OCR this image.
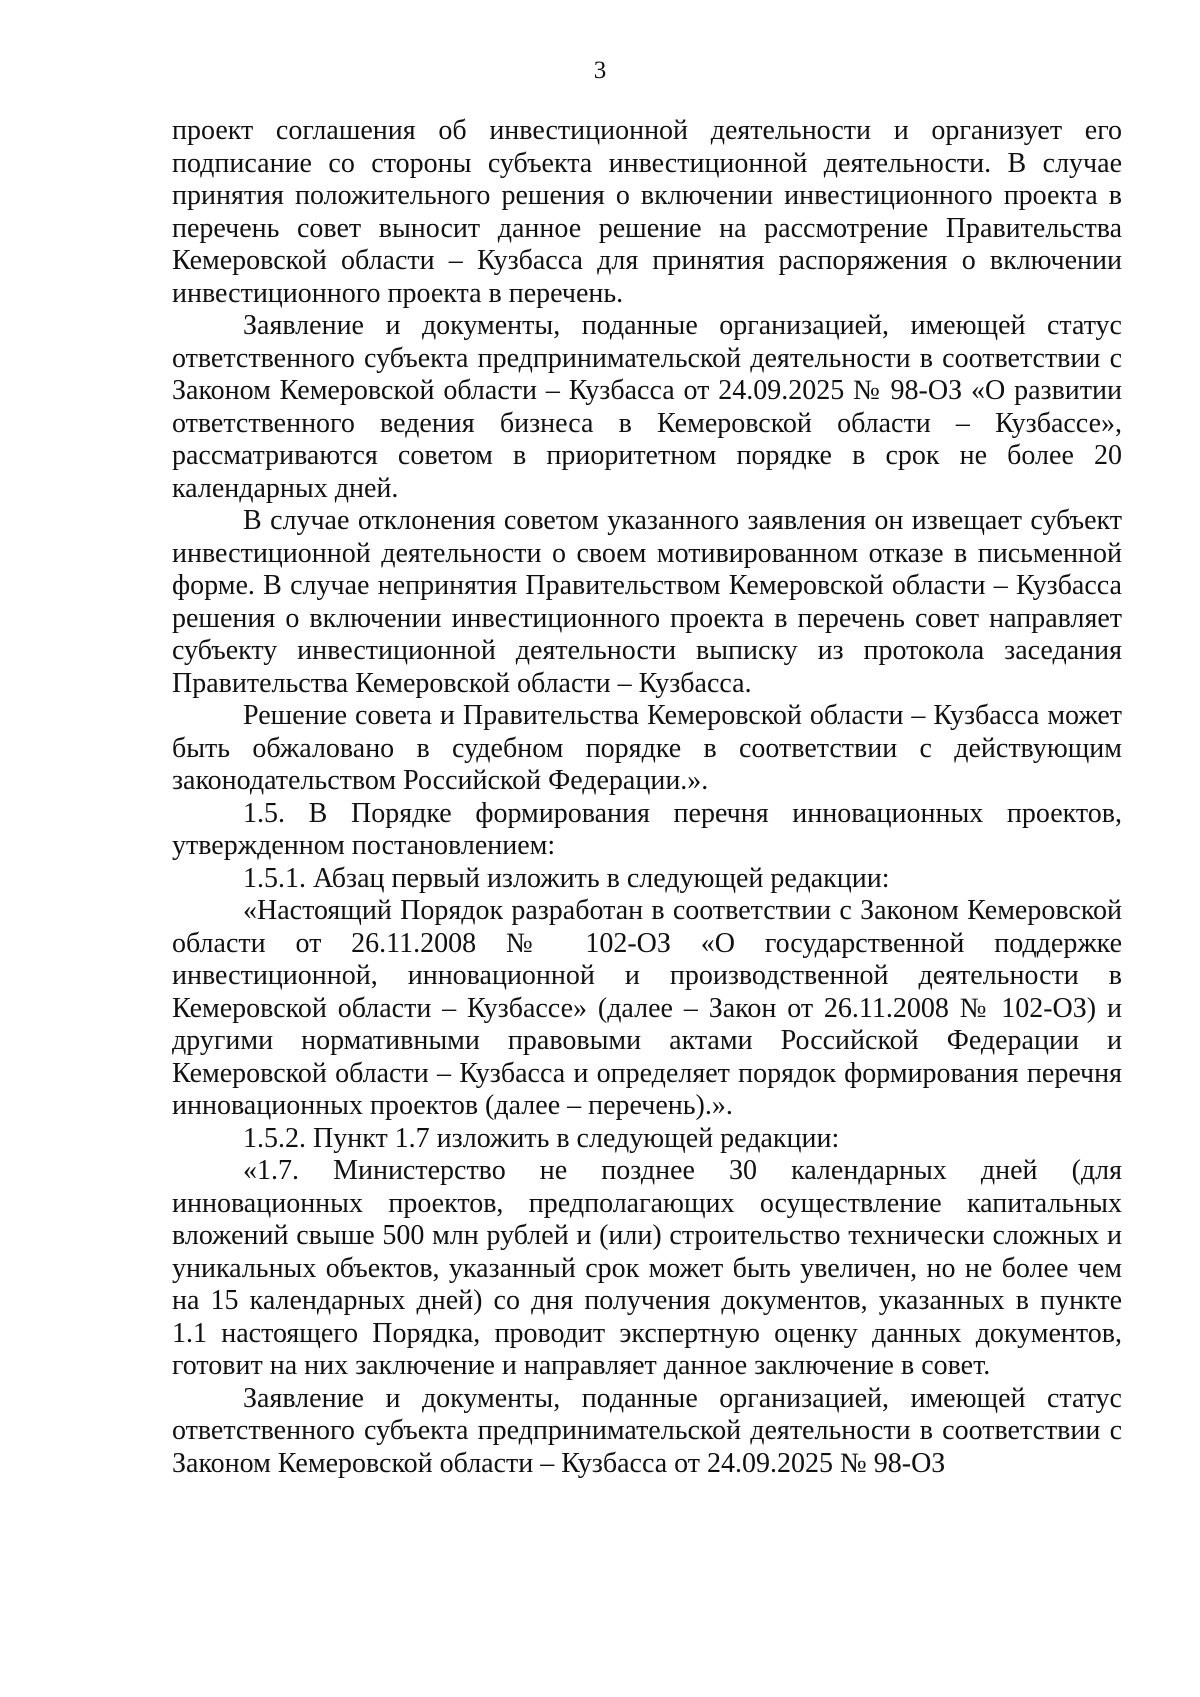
3

проект соглашения об инвестиционной деятельности и организует его подписание со стороны субъекта инвестиционной деятельности. В случае принятия положительного решения о включении инвестиционного проекта в перечень совет выносит данное решение на рассмотрение Правительства Кемеровской области – Кузбасса для принятия распоряжения о включении инвестиционного проекта в перечень.

Заявление и документы, поданные организацией, имеющей статус ответственного субъекта предпринимательской деятельности в соответствии с Законом Кемеровской области – Кузбасса от 24.09.2025 № 98-ОЗ «О развитии ответственного ведения бизнеса в Кемеровской области – Кузбассе», рассматриваются советом в приоритетном порядке в срок не более 20 календарных дней.

В случае отклонения советом указанного заявления он извещает субъект инвестиционной деятельности о своем мотивированном отказе в письменной форме. В случае непринятия Правительством Кемеровской области – Кузбасса решения о включении инвестиционного проекта в перечень совет направляет субъекту инвестиционной деятельности выписку из протокола заседания Правительства Кемеровской области – Кузбасса.

Решение совета и Правительства Кемеровской области – Кузбасса может быть обжаловано в судебном порядке в соответствии с действующим законодательством Российской Федерации.».

1.5. В Порядке формирования перечня инновационных проектов, утвержденном постановлением:

1.5.1. Абзац первый изложить в следующей редакции:

«Настоящий Порядок разработан в соответствии с Законом Кемеровской области от 26.11.2008 № 102-ОЗ «О государственной поддержке инвестиционной, инновационной и производственной деятельности в Кемеровской области – Кузбассе» (далее – Закон от 26.11.2008 № 102-ОЗ) и другими нормативными правовыми актами Российской Федерации и Кемеровской области – Кузбасса и определяет порядок формирования перечня инновационных проектов (далее – перечень).».

1.5.2. Пункт 1.7 изложить в следующей редакции:

«1.7. Министерство не позднее 30 календарных дней (для инновационных проектов, предполагающих осуществление капитальных вложений свыше 500 млн рублей и (или) строительство технически сложных и уникальных объектов, указанный срок может быть увеличен, но не более чем на 15 календарных дней) со дня получения документов, указанных в пункте 1.1 настоящего Порядка, проводит экспертную оценку данных документов, готовит на них заключение и направляет данное заключение в совет.

Заявление и документы, поданные организацией, имеющей статус ответственного субъекта предпринимательской деятельности в соответствии с Законом Кемеровской области – Кузбасса от 24.09.2025 № 98-ОЗ
